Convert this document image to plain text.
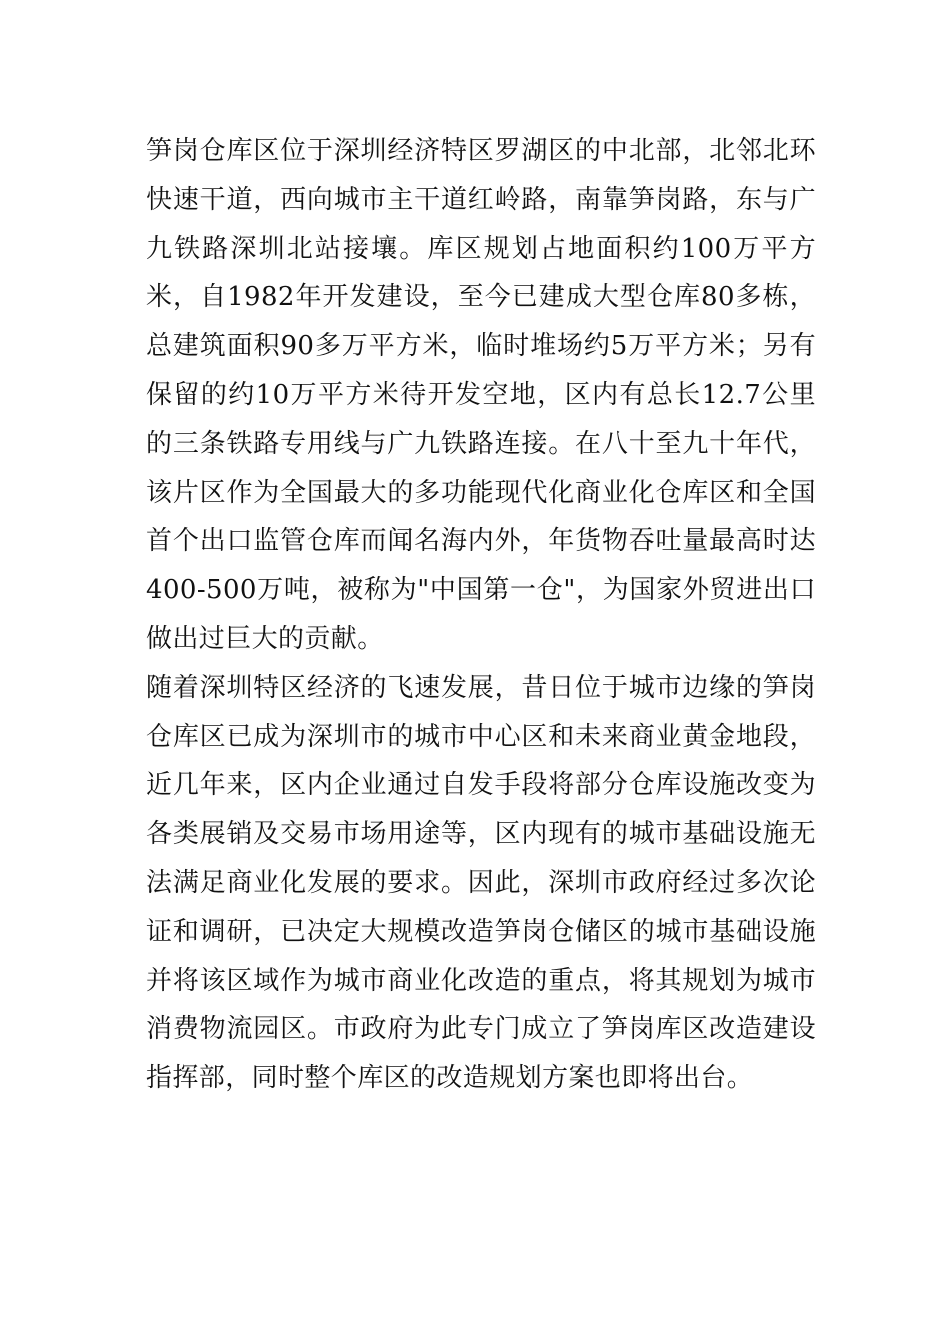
笋岗仓库区位于深圳经济特区罗湖区的中北部，北邻北环快速干道，西向城市主干道红岭路，南靠笋岗路，东与广九铁路深圳北站接壤。库区规划占地面积约100万平方米，自1982年开发建设，至今已建成大型仓库80多栋，总建筑面积90多万平方米，临时堆场约5万平方米；另有保留的约10万平方米待开发空地，区内有总长12.7公里的三条铁路专用线与广九铁路连接。在八十至九十年代，该片区作为全国最大的多功能现代化商业化仓库区和全国首个出口监管仓库而闻名海内外，年货物吞吐量最高时达400-500万吨，被称为"中国第一仓"，为国家外贸进出口做出过巨大的贡献。

随着深圳特区经济的飞速发展，昔日位于城市边缘的笋岗仓库区已成为深圳市的城市中心区和未来商业黄金地段，近几年来，区内企业通过自发手段将部分仓库设施改变为各类展销及交易市场用途等，区内现有的城市基础设施无法满足商业化发展的要求。因此，深圳市政府经过多次论证和调研，已决定大规模改造笋岗仓储区的城市基础设施并将该区域作为城市商业化改造的重点，将其规划为城市消费物流园区。市政府为此专门成立了笋岗库区改造建设指挥部，同时整个库区的改造规划方案也即将出台。
